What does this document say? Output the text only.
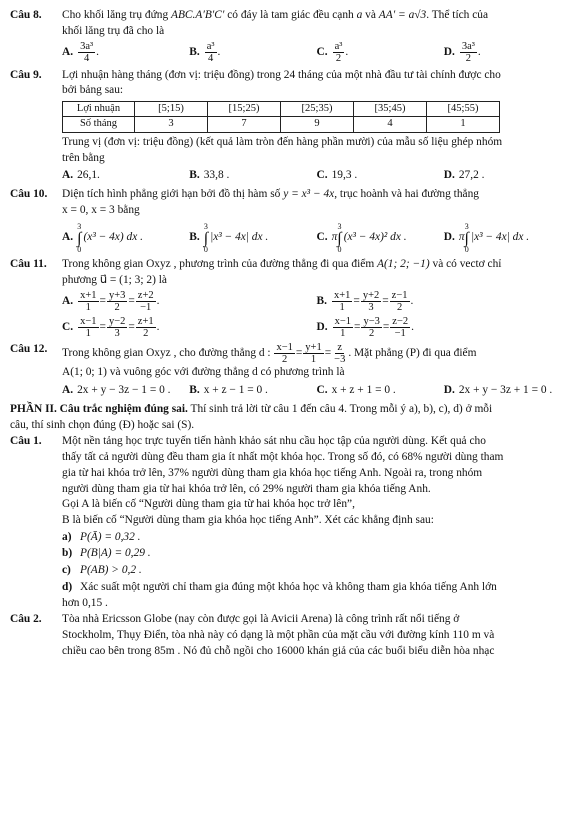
Câu 8. Cho khối lăng trụ đứng ABC.A′B′C′ có đáy là tam giác đều cạnh a và AA′ = a√3. Thể tích của
khối lăng trụ đã cho là
A. $\frac{\text{3a³}}{4}$ .	B. $\frac{\text{a³}}{4}$ .	C. $\frac{\text{a³}}{2}$ .	D. $\frac{\text{3a³}}{2}$ .
Câu 9. Lợi nhuận hàng tháng (đơn vị: triệu đồng) trong 24 tháng của một nhà đầu tư tài chính được cho
bởi bảng sau:
Lợi nhuận	[5;15)	[15;25)	[25;35)	[35;45)	[45;55)
Số tháng	3	7	9	4	1
Trung vị (đơn vị: triệu đồng) (kết quả làm tròn đến hàng phần mười) của mẫu số liệu ghép nhóm
trên bằng
A. 26,1.	B. 33,8 .	C. 19,3 .	D. 27,2 .
Câu 10. Diện tích hình phẳng giới hạn bởi đồ thị hàm số y = x³ − 4x, trục hoành và hai đường thẳng
x = 0, x = 3 bằng
A.
3
∫
0
(x³ − 4x) dx .	B.
3
∫
0
|x³ − 4x| dx .	C. π
3
∫
0
(x³ − 4x)² dx .	D. π
3
∫
0
|x³ − 4x| dx .
Câu 11. Trong không gian Oxyz , phương trình của đường thẳng đi qua điểm A(1; 2; −1) và có vectơ chỉ
phương u⃗ = (1; 3; 2) là
A. $\frac{x+1}{1} = \frac{y+3}{2} = \frac{z+2}{-1}$ .	B. $\frac{x+1}{1} = \frac{y+2}{3} = \frac{z-1}{2}$ .
C. $\frac{x-1}{1} = \frac{y-2}{3} = \frac{z+1}{2}$ .	D. $\frac{x-1}{1} = \frac{y-3}{2} = \frac{z-2}{-1}$ .
Câu 12. Trong không gian Oxyz , cho đường thẳng d : $\frac{x-1}{2} = \frac{y+1}{1} = \frac{z}{-3}$ . Mặt phẳng (P) đi qua điểm
A(1; 0; 1) và vuông góc với đường thẳng d có phương trình là
A. 2x + y − 3z − 1 = 0 . B. x + z − 1 = 0 .	C. x + z + 1 = 0 .	D. 2x + y − 3z + 1 = 0 .
PHẦN II. Câu trắc nghiệm đúng sai. Thí sinh trả lời từ câu 1 đến câu 4. Trong mỗi ý a), b), c), d) ở mỗi
câu, thí sinh chọn đúng (Đ) hoặc sai (S).
Câu 1. Một nền tảng học trực tuyến tiến hành khảo sát nhu cầu học tập của người dùng. Kết quả cho
thấy tất cả người dùng đều tham gia ít nhất một khóa học. Trong số đó, có 68% người dùng tham
gia từ hai khóa trở lên, 37% người dùng tham gia khóa học tiếng Anh. Ngoài ra, trong nhóm
người dùng tham gia từ hai khóa trở lên, có 29% người tham gia khóa tiếng Anh.
Gọi A là biến cố “Người dùng tham gia từ hai khóa học trở lên”,
B là biến cố “Người dùng tham gia khóa học tiếng Anh”. Xét các khẳng định sau:
a) P(Ā) = 0,32 .
b) P(B|A) = 0,29 .
c) P(AB) > 0,2 .
d) Xác suất một người chỉ tham gia đúng một khóa học và không tham gia khóa tiếng Anh lớn
hơn 0,15 .
Câu 2. Tòa nhà Ericsson Globe (nay còn được gọi là Avicii Arena) là công trình rất nổi tiếng ở
Stockholm, Thụy Điển, tòa nhà này có dạng là một phần của mặt cầu với đường kính 110 m và
chiều cao bên trong 85m . Nó đủ chỗ ngồi cho 16000 khán giả của các buổi biểu diễn hòa nhạc
